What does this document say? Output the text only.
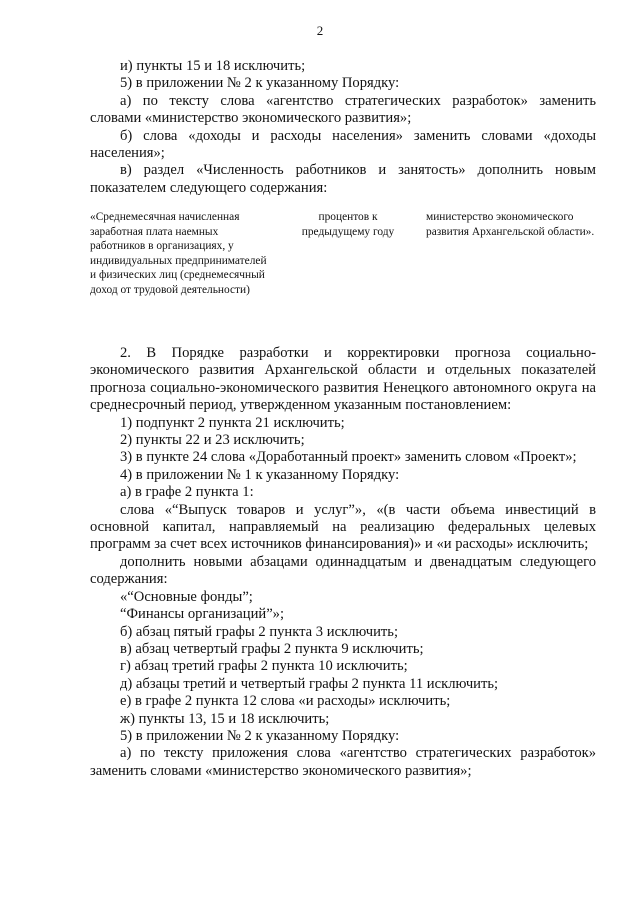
2

и) пункты 15 и 18 исключить;

5) в приложении № 2 к указанному Порядку:

а) по тексту слова «агентство стратегических разработок» заменить словами «министерство экономического развития»;

б) слова «доходы и расходы населения» заменить словами «доходы населения»;

в) раздел «Численность работников и занятость» дополнить новым показателем следующего содержания:

«Среднемесячная начисленная заработная плата наемных работников в организациях, у индивидуальных предпринимателей и физических лиц (среднемесячный доход от трудовой деятельности)
процентов к предыдущему году
министерство экономического развития Архангельской области».

2. В Порядке разработки и корректировки прогноза социально-экономического развития Архангельской области и отдельных показателей прогноза социально-экономического развития Ненецкого автономного округа на среднесрочный период, утвержденном указанным постановлением:

1) подпункт 2 пункта 21 исключить;

2) пункты 22 и 23 исключить;

3) в пункте 24 слова «Доработанный проект» заменить словом «Проект»;

4) в приложении № 1 к указанному Порядку:

а) в графе 2 пункта 1:

слова «“Выпуск товаров и услуг”», «(в части объема инвестиций в основной капитал, направляемый на реализацию федеральных целевых программ за счет всех источников финансирования)» и «и расходы» исключить;

дополнить новыми абзацами одиннадцатым и двенадцатым следующего содержания:

«“Основные фонды”;

“Финансы организаций”»;

б) абзац пятый графы 2 пункта 3 исключить;

в) абзац четвертый графы 2 пункта 9 исключить;

г) абзац третий графы 2 пункта 10 исключить;

д) абзацы третий и четвертый графы 2 пункта 11 исключить;

е) в графе 2 пункта 12 слова «и расходы» исключить;

ж) пункты 13, 15 и 18 исключить;

5) в приложении № 2 к указанному Порядку:

а) по тексту приложения слова «агентство стратегических разработок» заменить словами «министерство экономического развития»;
